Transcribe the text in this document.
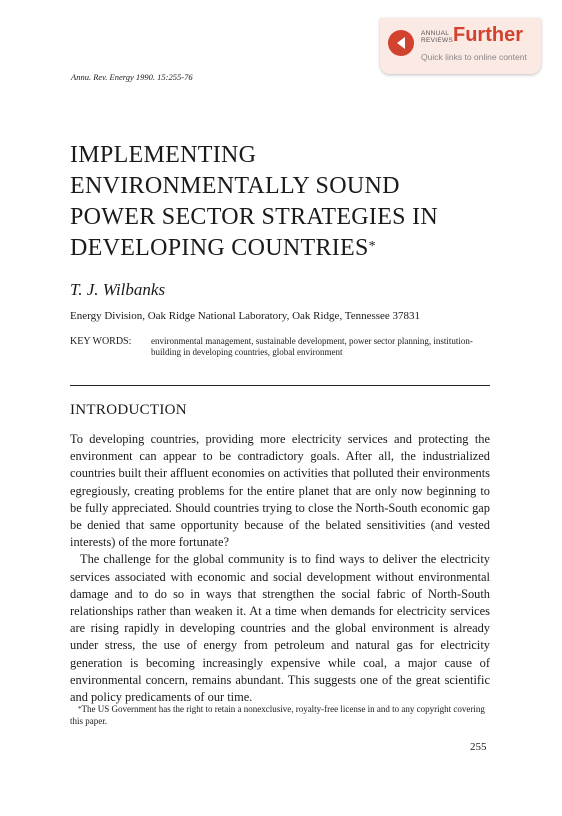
ANNUAL
REVIEWS Further
Quick links to online content
Annu. Rev. Energy 1990. 15:255-76
IMPLEMENTING
ENVIRONMENTALLY SOUND
POWER SECTOR STRATEGIES IN
DEVELOPING COUNTRIES*
T. J. Wilbanks
Energy Division, Oak Ridge National Laboratory, Oak Ridge, Tennessee 37831
KEY WORDS: environmental management, sustainable development, power sector planning, institution-building in developing countries, global environment
INTRODUCTION

To developing countries, providing more electricity services and protecting the environment can appear to be contradictory goals. After all, the industrialized countries built their affluent economies on activities that polluted their environments egregiously, creating problems for the entire planet that are only now beginning to be fully appreciated. Should countries trying to close the North-South economic gap be denied that same opportunity because of the belated sensitivities (and vested interests) of the more fortunate?

The challenge for the global community is to find ways to deliver the electricity services associated with economic and social development without environmental damage and to do so in ways that strengthen the social fabric of North-South relationships rather than weaken it. At a time when demands for electricity services are rising rapidly in developing countries and the global environment is already under stress, the use of energy from petroleum and natural gas for electricity generation is becoming increasingly expensive while coal, a major cause of environmental concern, remains abundant. This suggests one of the great scientific and policy predicaments of our time.

*The US Government has the right to retain a nonexclusive, royalty-free license in and to any copyright covering this paper.
255
